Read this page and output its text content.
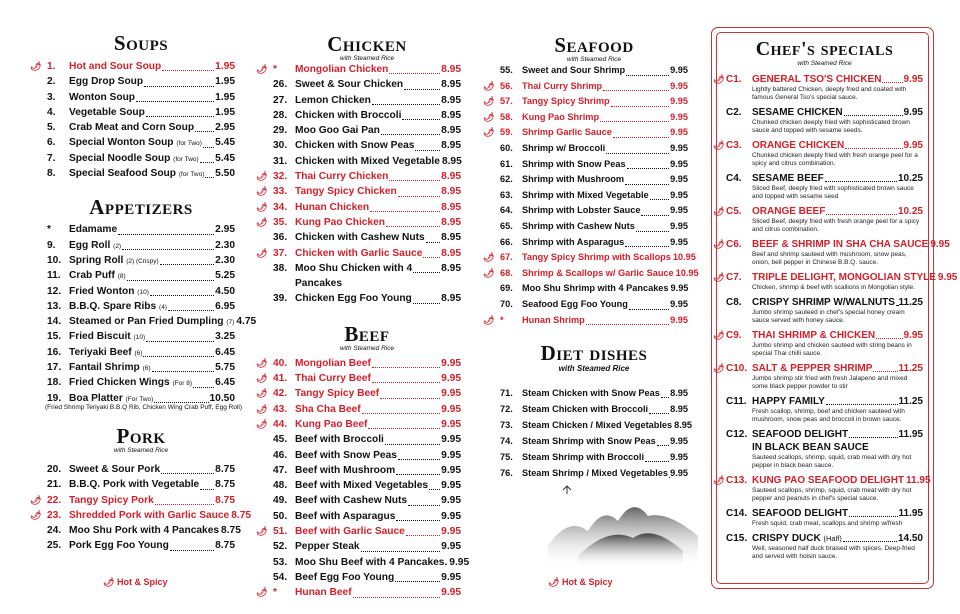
Soups
🌶 1.	Hot and Sour Soup	1.95
2.	Egg Drop Soup	1.95
3.	Wonton Soup	1.95
4.	Vegetable Soup	1.95
5.	Crab Meat and Corn Soup 2.95
6.	Special Wonton Soup (for Two) 5.45
7.	Special Noodle Soup (for Two) 5.45
8.	Special Seafood Soup (for Two) 5.50
Appetizers
*	Edamame	2.95
9.	Egg Roll (2)	2.30
10. Spring Roll (2) (Crispy)	2.30
11. Crab Puff (8)	5.25
12. Fried Wonton (10)	4.50
13. B.B.Q. Spare Ribs (4)	6.95
14. Steamed or Pan Fried Dumpling (7) 4.75
15. Fried Biscuit (10)	3.25
16. Teriyaki Beef (6)	6.45
17. Fantail Shrimp (6)	5.75
18. Fried Chicken Wings (For 8) 6.45
19. Boa Platter (For Two)	10.50
(Fried Shrimp Teriyaki B.B.Q Rib, Chicken Wing Crab Puff, Egg Roll)
Pork
with Steamed Rice
20. Sweet & Sour Pork	8.75
21. B.B.Q. Pork with Vegetable 8.75
🌶 22. Tangy Spicy Pork	8.75
🌶 23. Shredded Pork with Garlic Sauce 8.75
24. Moo Shu Pork with 4 Pancakes 8.75
25. Pork Egg Foo Young	8.75
Chicken
with Steamed Rice
🌶 *	Mongolian Chicken	8.95
26. Sweet & Sour Chicken	8.95
27. Lemon Chicken	8.95
28. Chicken with Broccoli	8.95
29. Moo Goo Gai Pan	8.95
30. Chicken with Snow Peas	8.95
31. Chicken with Mixed Vegetable 8.95
🌶 32. Thai Curry Chicken	8.95
🌶 33. Tangy Spicy Chicken	8.95
🌶 34. Hunan Chicken	8.95
🌶 35. Kung Pao Chicken	8.95
36. Chicken with Cashew Nuts 8.95
🌶 37. Chicken with Garlic Sauce 8.95
38. Moo Shu Chicken with 4	8.95
Pancakes
39. Chicken Egg Foo Young	8.95
Beef
with Steamed Rice
🌶 40. Mongolian Beef	9.95
🌶 41. Thai Curry Beef	9.95
🌶 42. Tangy Spicy Beef	9.95
🌶 43. Sha Cha Beef	9.95
🌶 44. Kung Pao Beef	9.95
45. Beef with Broccoli	9.95
46. Beef with Snow Peas	9.95
47. Beef with Mushroom	9.95
48. Beef with Mixed Vegetables 9.95
49. Beef with Cashew Nuts	9.95
50. Beef with Asparagus	9.95
🌶 51. Beef with Garlic Sauce	9.95
52. Pepper Steak	9.95
53. Moo Shu Beef with 4 Pancakes. 9.95
54. Beef Egg Foo Young	9.95
🌶 *	Hunan Beef	9.95
Seafood
with Steamed Rice
55.	Sweet and Sour Shrimp	9.95
🌶 56.	Thai Curry Shrimp	9.95
🌶 57.	Tangy Spicy Shrimp	9.95
🌶 58.	Kung Pao Shrimp	9.95
🌶 59.	Shrimp Garlic Sauce	9.95
60.	Shrimp w/ Broccoli	9.95
61.	Shrimp with Snow Peas	9.95
62.	Shrimp with Mushroom	9.95
63.	Shrimp with Mixed Vegetable 9.95
64.	Shrimp with Lobster Sauce	9.95
65.	Shrimp with Cashew Nuts	9.95
66.	Shrimp with Asparagus	9.95
🌶 67.	Tangy Spicy Shrimp with Scallops 10.95
🌶 68.	Shrimp & Scallops w/ Garlic Sauce 10.95
69.	Moo Shu Shrimp with 4 Pancakes 9.95
70.	Seafood Egg Foo Young	9.95
🌶 *	Hunan Shrimp	9.95
Diet dishes
with Steamed Rice
71.	Steam Chicken with Snow Peas 8.95
72.	Steam Chicken with Broccoli 8.95
73.	Steam Chicken / Mixed Vegetables 8.95
74.	Steam Shrimp with Snow Peas 9.95
75.	Steam Shrimp with Broccoli	9.95
76.	Steam Shrimp / Mixed Vegetables 9.95
Chef's specials
with Steamed Rice
🌶 C1.	GENERAL TSO'S CHICKEN 9.95
Lightly battered Chicken, deeply fried and coated with famous General Tso's special sauce.
C2.	SESAME CHICKEN	9.95
Chunked chicken deeply fried with sophisticated brown sauce and topped with sesame seeds.
🌶 C3.	ORANGE CHICKEN	9.95
Chunked chicken deeply fried with fresh orange peel for a spicy and citrus combination.
C4.	SESAME BEEF	10.25
Sliced Beef, deeply fried with sophisticated brown sauce and topped with sesame seed
🌶 C5.	ORANGE BEEF	10.25
Sliced Beef, deeply fried with fresh orange peel for a spicy and citrus combination.
🌶 C6.	BEEF & SHRIMP IN SHA CHA SAUCE 9.95
Beef and shrimp sauteed with mushroom, snow peas, onion, bell pepper in Chinese B.B.Q. sauce.
🌶 C7.	TRIPLE DELIGHT, MONGOLIAN STYLE 9.95
Chicken, shrimp & beef with scallions in Mongolian style.
C8.	CRISPY SHRIMP W/WALNUTS 11.25
Jumbo shrimp sauteed in chef's special honey cream sauce served with honey sauce.
🌶 C9.	THAI SHRIMP & CHICKEN	9.95
Jumbo shrimp and chicken sauteed with string beans in special Thai chilli sauce.
🌶 C10. SALT & PEPPER SHRIMP	11.25
Jumbo shrimp stir fried with fresh Jalapeno and mixed some black pepper powder to stir
C11. HAPPY FAMILY	11.25
Fresh scallop, shrimp, beef and chicken sauteed with mushroom, snow peas and broccoli in brown sauce.
C12. SEAFOOD DELIGHT	11.95
IN BLACK BEAN SAUCE
Sauteed scallops, shrimp, squid, crab meat with dry hot pepper in black bean sauce.
🌶 C13. KUNG PAO SEAFOOD DELIGHT 11.95
Sauteed scallops, shrimp, squid, crab meat with dry hot pepper and peanuts in chef's special sauce.
C14. SEAFOOD DELIGHT	11.95
Fresh squid, crab meat, scallops and shrimp w/fresh
C15. CRISPY DUCK (Half)	14.50
Well, seasoned half duck braised with spices. Deep-fried and served with hoisin sauce.
🌶 Hot & Spicy	🌶 Hot & Spicy
